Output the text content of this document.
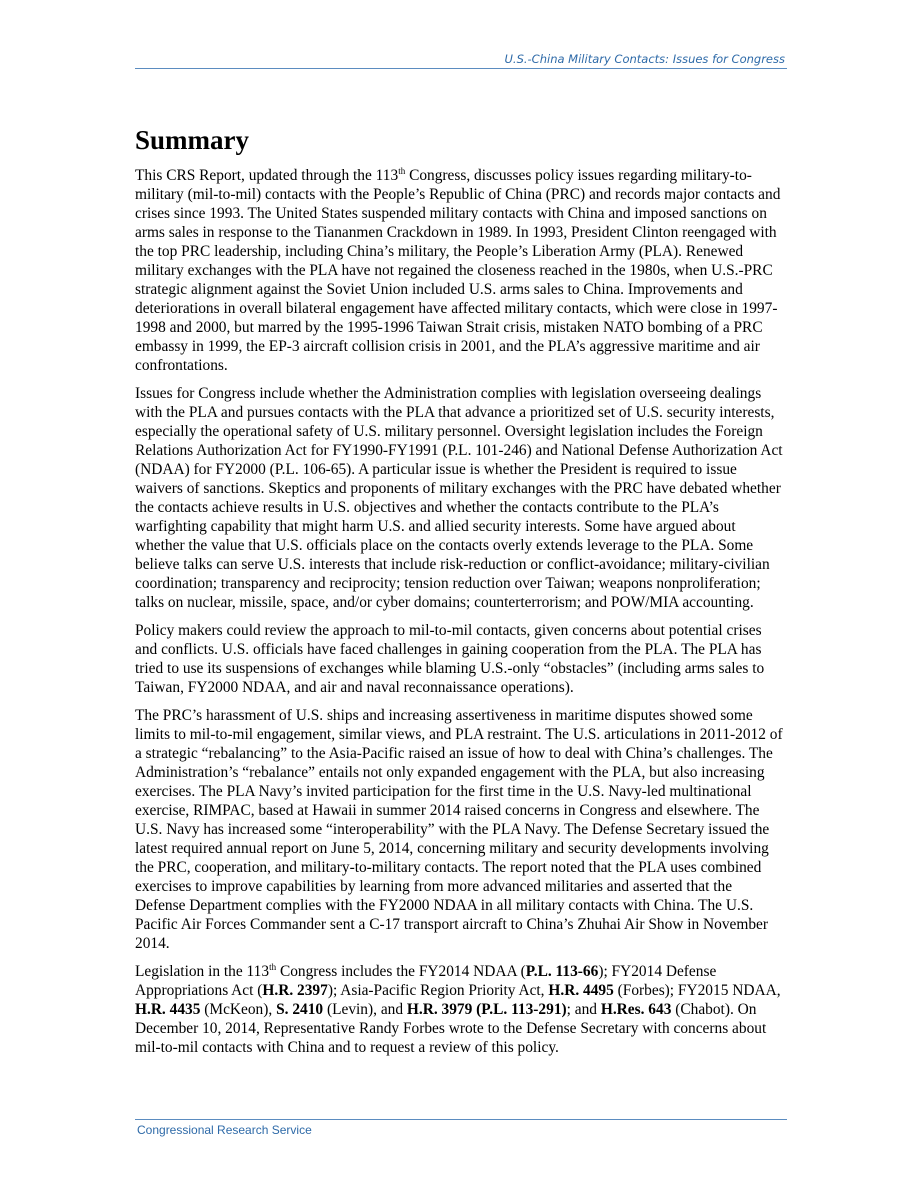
U.S.-China Military Contacts: Issues for Congress
Summary

This CRS Report, updated through the 113th Congress, discusses policy issues regarding military-to-military (mil-to-mil) contacts with the People’s Republic of China (PRC) and records major contacts and crises since 1993. The United States suspended military contacts with China and imposed sanctions on arms sales in response to the Tiananmen Crackdown in 1989. In 1993, President Clinton reengaged with the top PRC leadership, including China’s military, the People’s Liberation Army (PLA). Renewed military exchanges with the PLA have not regained the closeness reached in the 1980s, when U.S.-PRC strategic alignment against the Soviet Union included U.S. arms sales to China. Improvements and deteriorations in overall bilateral engagement have affected military contacts, which were close in 1997-1998 and 2000, but marred by the 1995-1996 Taiwan Strait crisis, mistaken NATO bombing of a PRC embassy in 1999, the EP-3 aircraft collision crisis in 2001, and the PLA’s aggressive maritime and air confrontations.

Issues for Congress include whether the Administration complies with legislation overseeing dealings with the PLA and pursues contacts with the PLA that advance a prioritized set of U.S. security interests, especially the operational safety of U.S. military personnel. Oversight legislation includes the Foreign Relations Authorization Act for FY1990-FY1991 (P.L. 101-246) and National Defense Authorization Act (NDAA) for FY2000 (P.L. 106-65). A particular issue is whether the President is required to issue waivers of sanctions. Skeptics and proponents of military exchanges with the PRC have debated whether the contacts achieve results in U.S. objectives and whether the contacts contribute to the PLA’s warfighting capability that might harm U.S. and allied security interests. Some have argued about whether the value that U.S. officials place on the contacts overly extends leverage to the PLA. Some believe talks can serve U.S. interests that include risk-reduction or conflict-avoidance; military-civilian coordination; transparency and reciprocity; tension reduction over Taiwan; weapons nonproliferation; talks on nuclear, missile, space, and/or cyber domains; counterterrorism; and POW/MIA accounting.

Policy makers could review the approach to mil-to-mil contacts, given concerns about potential crises and conflicts. U.S. officials have faced challenges in gaining cooperation from the PLA. The PLA has tried to use its suspensions of exchanges while blaming U.S.-only “obstacles” (including arms sales to Taiwan, FY2000 NDAA, and air and naval reconnaissance operations).

The PRC’s harassment of U.S. ships and increasing assertiveness in maritime disputes showed some limits to mil-to-mil engagement, similar views, and PLA restraint. The U.S. articulations in 2011-2012 of a strategic “rebalancing” to the Asia-Pacific raised an issue of how to deal with China’s challenges. The Administration’s “rebalance” entails not only expanded engagement with the PLA, but also increasing exercises. The PLA Navy’s invited participation for the first time in the U.S. Navy-led multinational exercise, RIMPAC, based at Hawaii in summer 2014 raised concerns in Congress and elsewhere. The U.S. Navy has increased some “interoperability” with the PLA Navy. The Defense Secretary issued the latest required annual report on June 5, 2014, concerning military and security developments involving the PRC, cooperation, and military-to-military contacts. The report noted that the PLA uses combined exercises to improve capabilities by learning from more advanced militaries and asserted that the Defense Department complies with the FY2000 NDAA in all military contacts with China. The U.S. Pacific Air Forces Commander sent a C-17 transport aircraft to China’s Zhuhai Air Show in November 2014.

Legislation in the 113th Congress includes the FY2014 NDAA (P.L. 113-66); FY2014 Defense Appropriations Act (H.R. 2397); Asia-Pacific Region Priority Act, H.R. 4495 (Forbes); FY2015 NDAA, H.R. 4435 (McKeon), S. 2410 (Levin), and H.R. 3979 (P.L. 113-291); and H.Res. 643 (Chabot). On December 10, 2014, Representative Randy Forbes wrote to the Defense Secretary with concerns about mil-to-mil contacts with China and to request a review of this policy.

Congressional Research Service
